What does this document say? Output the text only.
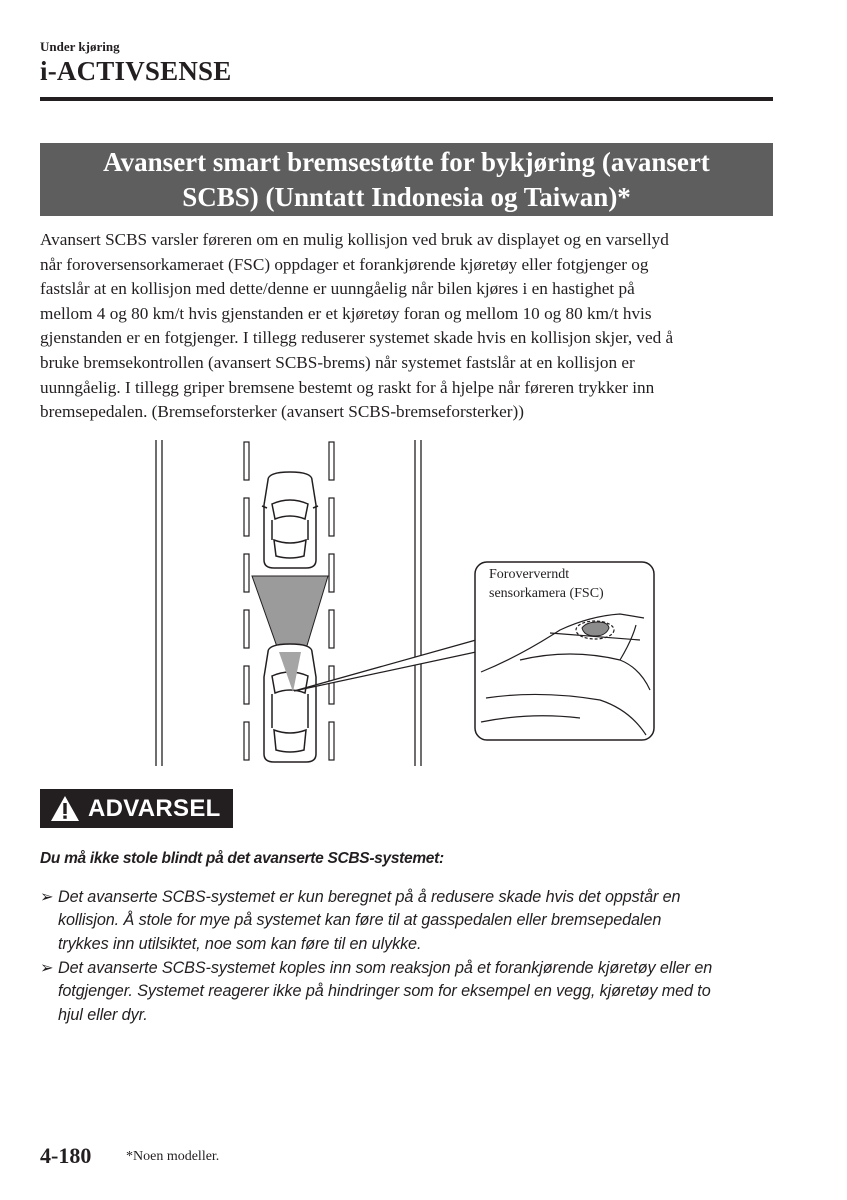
Under kjøring
i-ACTIVSENSE
Avansert smart bremsestøtte for bykjøring (avansert
SCBS) (Unntatt Indonesia og Taiwan)*

Avansert SCBS varsler føreren om en mulig kollisjon ved bruk av displayet og en varsellyd
når foroversensorkameraet (FSC) oppdager et forankjørende kjøretøy eller fotgjenger og
fastslår at en kollisjon med dette/denne er uunngåelig når bilen kjøres i en hastighet på
mellom 4 og 80 km/t hvis gjenstanden er et kjøretøy foran og mellom 10 og 80 km/t hvis
gjenstanden er en fotgjenger. I tillegg reduserer systemet skade hvis en kollisjon skjer, ved å
bruke bremsekontrollen (avansert SCBS-brems) når systemet fastslår at en kollisjon er
uunngåelig. I tillegg griper bremsene bestemt og raskt for å hjelpe når føreren trykker inn
bremsepedalen. (Bremseforsterker (avansert SCBS-bremseforsterker))

Foroververndt
sensorkamera (FSC)
ADVARSEL
Du må ikke stole blindt på det avanserte SCBS-systemet:
➢ Det avanserte SCBS-systemet er kun beregnet på å redusere skade hvis det oppstår en
kollisjon. Å stole for mye på systemet kan føre til at gasspedalen eller bremsepedalen
trykkes inn utilsiktet, noe som kan føre til en ulykke.
➢ Det avanserte SCBS-systemet koples inn som reaksjon på et forankjørende kjøretøy eller en
fotgjenger. Systemet reagerer ikke på hindringer som for eksempel en vegg, kjøretøy med to
hjul eller dyr.
4-180 *Noen modeller.
